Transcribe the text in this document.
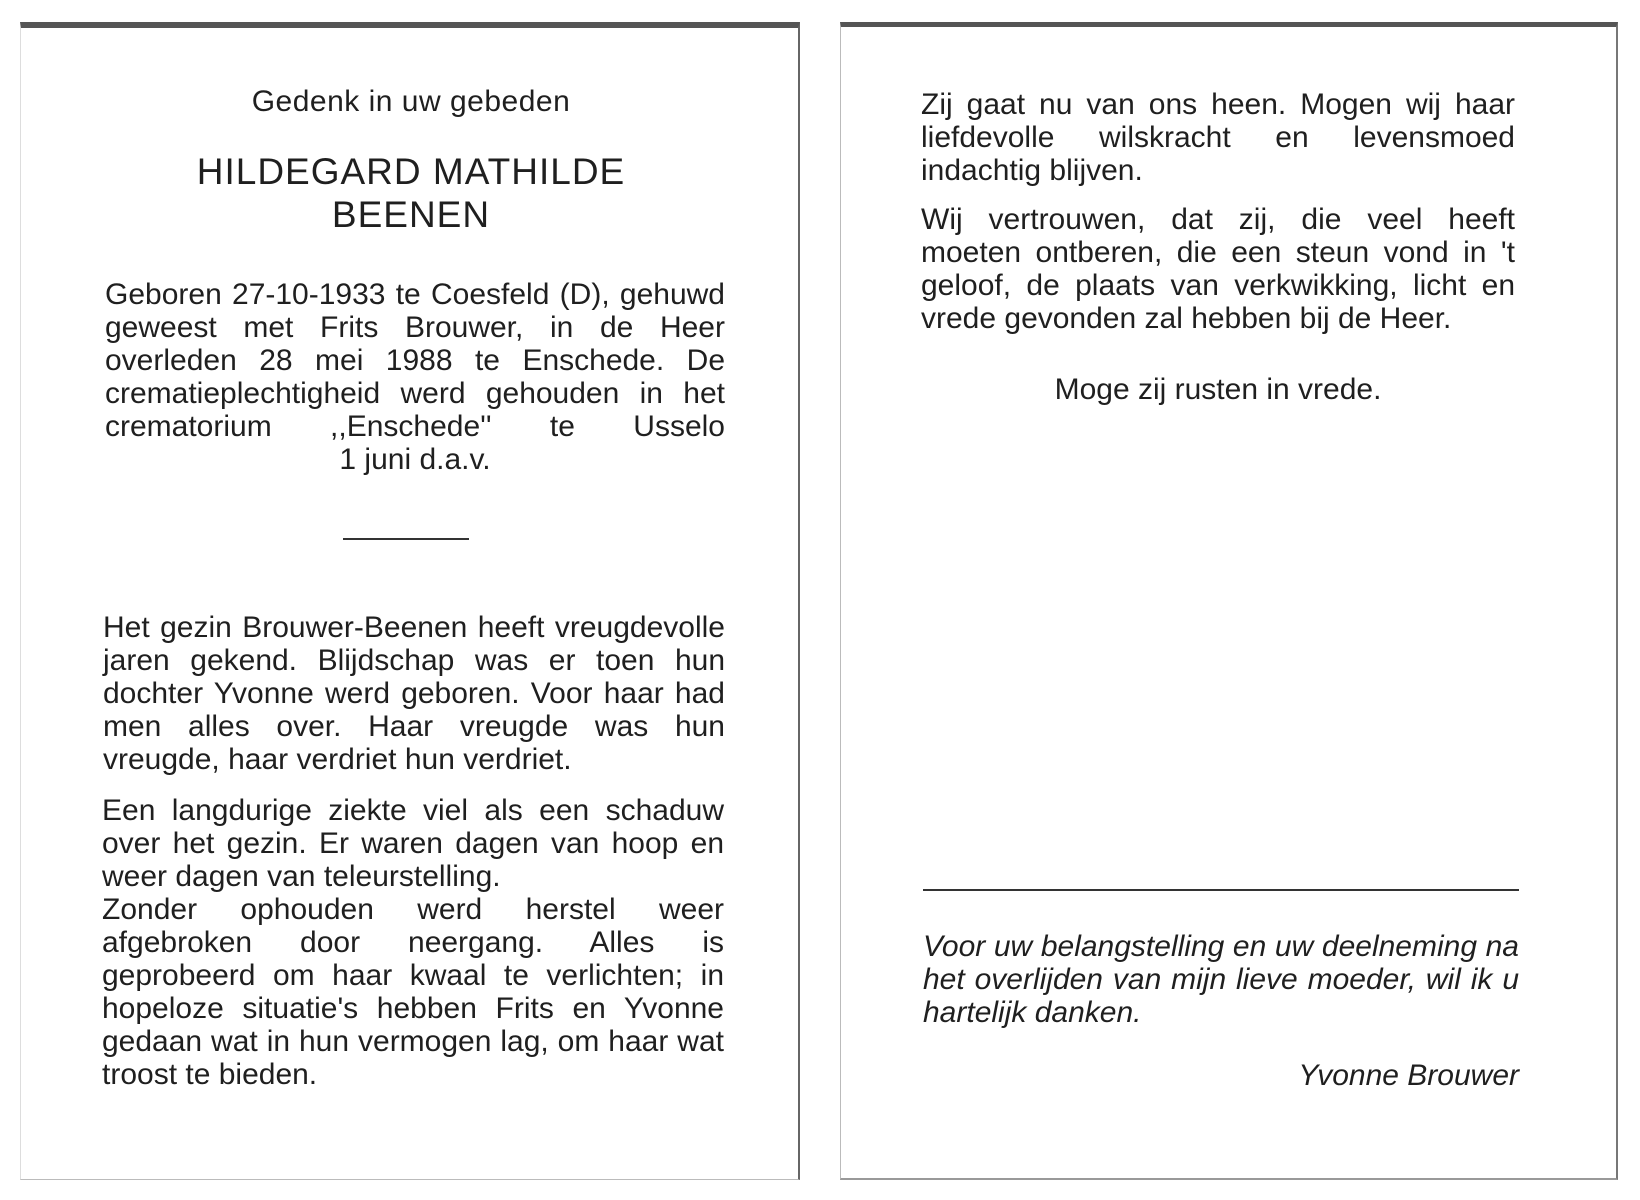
Gedenk in uw gebeden
HILDEGARD MATHILDE
BEENEN
Geboren 27-10-1933 te Coesfeld (D), gehuwd geweest met Frits Brouwer, in de Heer overleden 28 mei 1988 te Enschede. De crematieplechtigheid werd gehouden in het crematorium ,,Enschede'' te Usselo
1 juni d.a.v.
Het gezin Brouwer-Beenen heeft vreugdevolle jaren gekend. Blijdschap was er toen hun dochter Yvonne werd geboren. Voor haar had men alles over. Haar vreugde was hun vreugde, haar verdriet hun verdriet.
Een langdurige ziekte viel als een schaduw over het gezin. Er waren dagen van hoop en weer dagen van teleurstelling.
Zonder ophouden werd herstel weer afgebroken door neergang. Alles is geprobeerd om haar kwaal te verlichten; in hopeloze situatie's hebben Frits en Yvonne gedaan wat in hun vermogen lag, om haar wat troost te bieden.
Zij gaat nu van ons heen. Mogen wij haar liefdevolle wilskracht en levensmoed indachtig blijven.
Wij vertrouwen, dat zij, die veel heeft moeten ontberen, die een steun vond in 't geloof, de plaats van verkwikking, licht en vrede gevonden zal hebben bij de Heer.
Moge zij rusten in vrede.
Voor uw belangstelling en uw deelneming na het overlijden van mijn lieve moeder, wil ik u hartelijk danken.
Yvonne Brouwer
